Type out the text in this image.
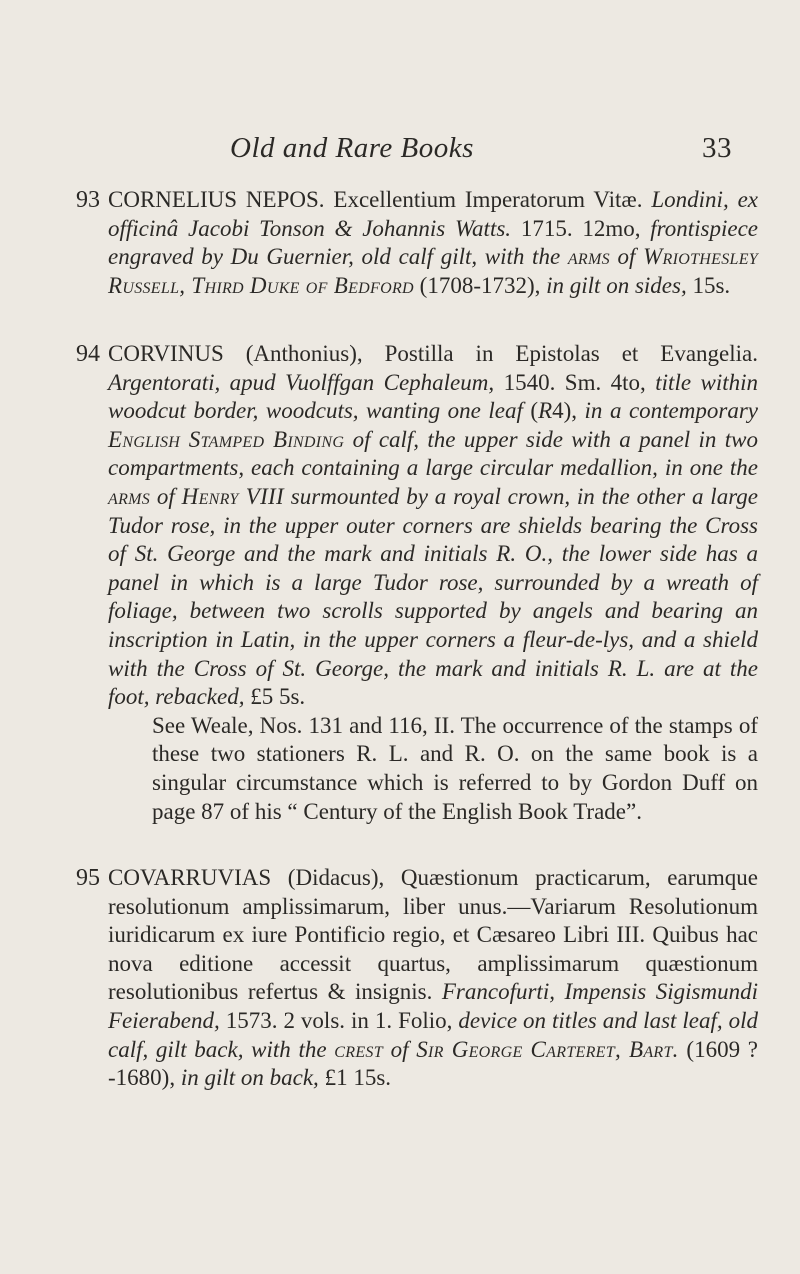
Old and Rare Books	33
93 CORNELIUS NEPOS. Excellentium Imperatorum Vitæ. Londini, ex officinâ Jacobi Tonson & Johannis Watts. 1715. 12mo, frontispiece engraved by Du Guernier, old calf gilt, with the arms of Wriothesley Russell, Third Duke of Bedford (1708-1732), in gilt on sides, 15s.

94 CORVINUS (Anthonius), Postilla in Epistolas et Evangelia. Argentorati, apud Vuolffgan Cephaleum, 1540. Sm. 4to, title within woodcut border, woodcuts, wanting one leaf (R4), in a contemporary English Stamped Binding of calf, the upper side with a panel in two compartments, each containing a large circular medallion, in one the arms of Henry VIII surmounted by a royal crown, in the other a large Tudor rose, in the upper outer corners are shields bearing the Cross of St. George and the mark and initials R. O., the lower side has a panel in which is a large Tudor rose, surrounded by a wreath of foliage, between two scrolls supported by angels and bearing an inscription in Latin, in the upper corners a fleur-de-lys, and a shield with the Cross of St. George, the mark and initials R. L. are at the foot, rebacked, £5 5s.

See Weale, Nos. 131 and 116, II. The occurrence of the stamps of these two stationers R. L. and R. O. on the same book is a singular circumstance which is referred to by Gordon Duff on page 87 of his “ Century of the English Book Trade”.

95 COVARRUVIAS (Didacus), Quæstionum practicarum, earumque resolutionum amplissimarum, liber unus.—Variarum Resolutionum iuridicarum ex iure Pontificio regio, et Cæsareo Libri III. Quibus hac nova editione accessit quartus, amplissimarum quæstionum resolutionibus refertus & insignis. Francofurti, Impensis Sigismundi Feierabend, 1573. 2 vols. in 1. Folio, device on titles and last leaf, old calf, gilt back, with the crest of Sir George Carteret, Bart. (1609 ? -1680), in gilt on back, £1 15s.
